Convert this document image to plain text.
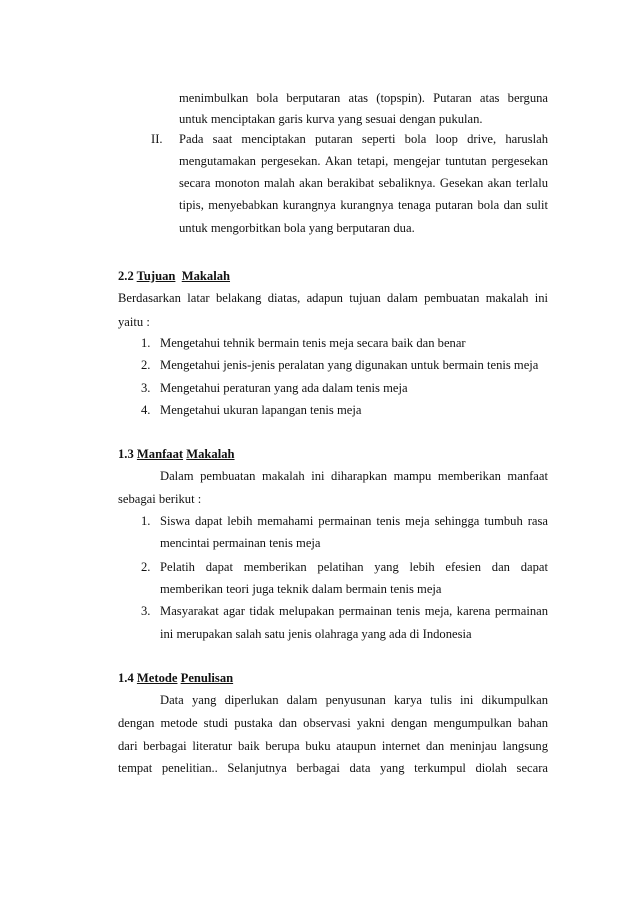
menimbulkan bola berputaran atas (topspin). Putaran atas berguna
untuk menciptakan garis kurva yang sesuai dengan pukulan.
II. Pada saat menciptakan putaran seperti bola loop drive, haruslah
mengutamakan pergesekan. Akan tetapi, mengejar tuntutan pergesekan
secara monoton malah akan berakibat sebaliknya. Gesekan akan terlalu
tipis, menyebabkan kurangnya kurangnya tenaga putaran bola dan sulit
untuk mengorbitkan bola yang berputaran dua.
2.2 Tujuan Makalah
Berdasarkan latar belakang diatas, adapun tujuan dalam pembuatan makalah ini
yaitu :
1. Mengetahui tehnik bermain tenis meja secara baik dan benar
2. Mengetahui jenis-jenis peralatan yang digunakan untuk bermain tenis meja
3. Mengetahui peraturan yang ada dalam tenis meja
4. Mengetahui ukuran lapangan tenis meja
1.3 Manfaat Makalah
Dalam pembuatan makalah ini diharapkan mampu memberikan manfaat
sebagai berikut :
1. Siswa dapat lebih memahami permainan tenis meja sehingga tumbuh rasa
mencintai permainan tenis meja
2. Pelatih dapat memberikan pelatihan yang lebih efesien dan dapat
memberikan teori juga teknik dalam bermain tenis meja
3. Masyarakat agar tidak melupakan permainan tenis meja, karena permainan
ini merupakan salah satu jenis olahraga yang ada di Indonesia
1.4 Metode Penulisan
Data yang diperlukan dalam penyusunan karya tulis ini dikumpulkan
dengan metode studi pustaka dan observasi yakni dengan mengumpulkan bahan
dari berbagai literatur baik berupa buku ataupun internet dan meninjau langsung
tempat penelitian.. Selanjutnya berbagai data yang terkumpul diolah secara
